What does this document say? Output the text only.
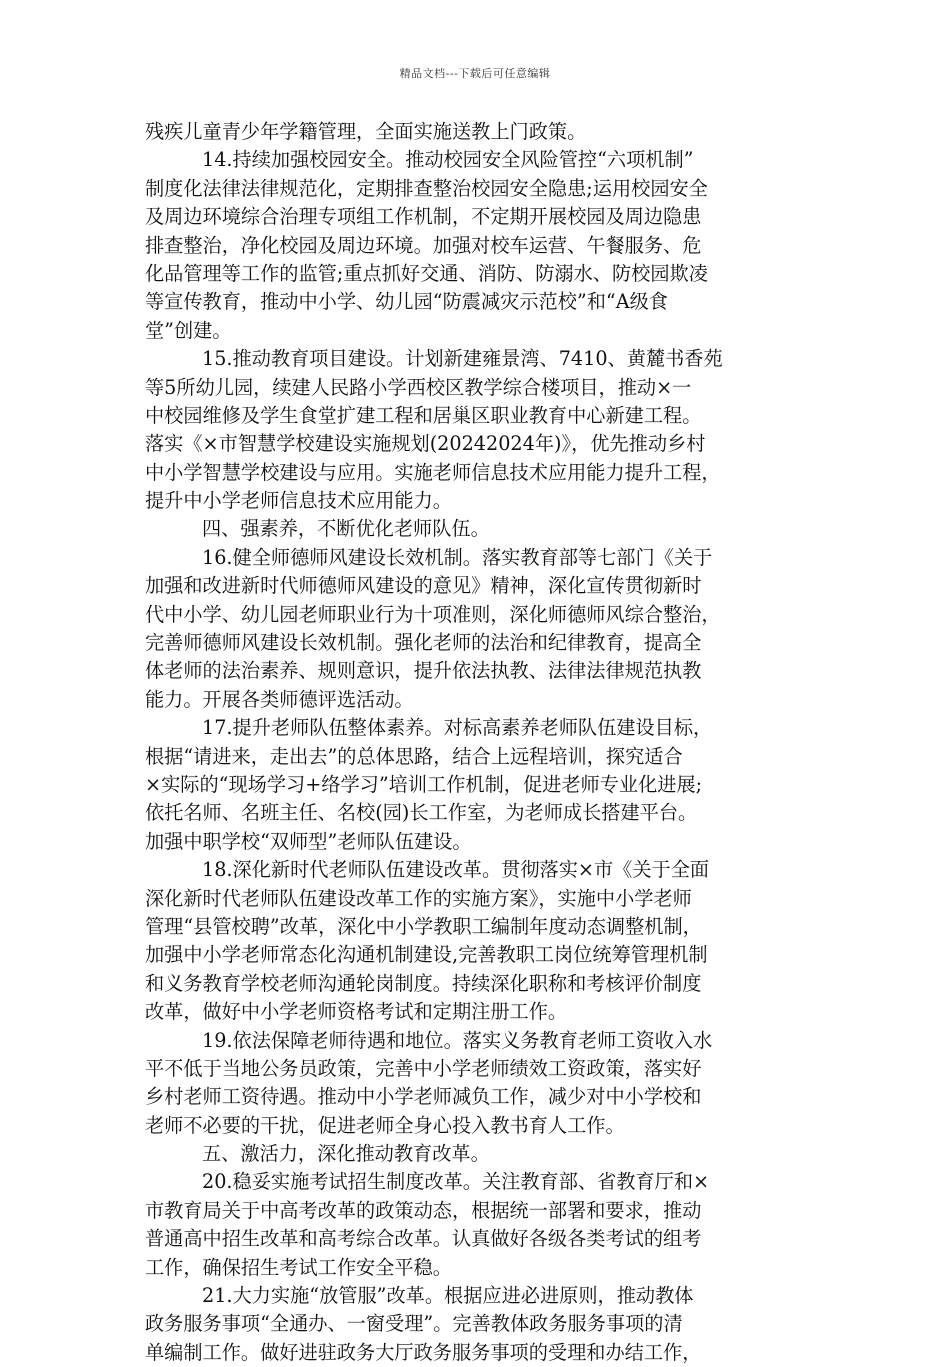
精品文档---下载后可任意编辑
残疾儿童青少年学籍管理，全面实施送教上门政策。
14.持续加强校园安全。推动校园安全风险管控“六项机制”
制度化法律法律规范化，定期排查整治校园安全隐患;运用校园安全
及周边环境综合治理专项组工作机制，不定期开展校园及周边隐患
排查整治，净化校园及周边环境。加强对校车运营、午餐服务、危
化品管理等工作的监管;重点抓好交通、消防、防溺水、防校园欺凌
等宣传教育，推动中小学、幼儿园“防震减灾示范校”和“A级食
堂”创建。
15.推动教育项目建设。计划新建雍景湾、7410、黄麓书香苑
等5所幼儿园，续建人民路小学西校区教学综合楼项目，推动×一
中校园维修及学生食堂扩建工程和居巢区职业教育中心新建工程。
落实《×市智慧学校建设实施规划(20242024年)》，优先推动乡村
中小学智慧学校建设与应用。实施老师信息技术应用能力提升工程，
提升中小学老师信息技术应用能力。
四、强素养，不断优化老师队伍。
16.健全师德师风建设长效机制。落实教育部等七部门《关于
加强和改进新时代师德师风建设的意见》精神，深化宣传贯彻新时
代中小学、幼儿园老师职业行为十项准则，深化师德师风综合整治，
完善师德师风建设长效机制。强化老师的法治和纪律教育，提高全
体老师的法治素养、规则意识，提升依法执教、法律法律规范执教
能力。开展各类师德评选活动。
17.提升老师队伍整体素养。对标高素养老师队伍建设目标，
根据“请进来，走出去”的总体思路，结合上远程培训，探究适合
×实际的“现场学习+络学习”培训工作机制，促进老师专业化进展;
依托名师、名班主任、名校(园)长工作室，为老师成长搭建平台。
加强中职学校“双师型”老师队伍建设。
18.深化新时代老师队伍建设改革。贯彻落实×市《关于全面
深化新时代老师队伍建设改革工作的实施方案》，实施中小学老师
管理“县管校聘”改革，深化中小学教职工编制年度动态调整机制，
加强中小学老师常态化沟通机制建设,完善教职工岗位统筹管理机制
和义务教育学校老师沟通轮岗制度。持续深化职称和考核评价制度
改革，做好中小学老师资格考试和定期注册工作。
19.依法保障老师待遇和地位。落实义务教育老师工资收入水
平不低于当地公务员政策，完善中小学老师绩效工资政策，落实好
乡村老师工资待遇。推动中小学老师减负工作，减少对中小学校和
老师不必要的干扰，促进老师全身心投入教书育人工作。
五、激活力，深化推动教育改革。
20.稳妥实施考试招生制度改革。关注教育部、省教育厅和×
市教育局关于中高考改革的政策动态，根据统一部署和要求，推动
普通高中招生改革和高考综合改革。认真做好各级各类考试的组考
工作，确保招生考试工作安全平稳。
21.大力实施“放管服”改革。根据应进必进原则，推动教体
政务服务事项“全通办、一窗受理”。完善教体政务服务事项的清
单编制工作。做好进驻政务大厅政务服务事项的受理和办结工作，
